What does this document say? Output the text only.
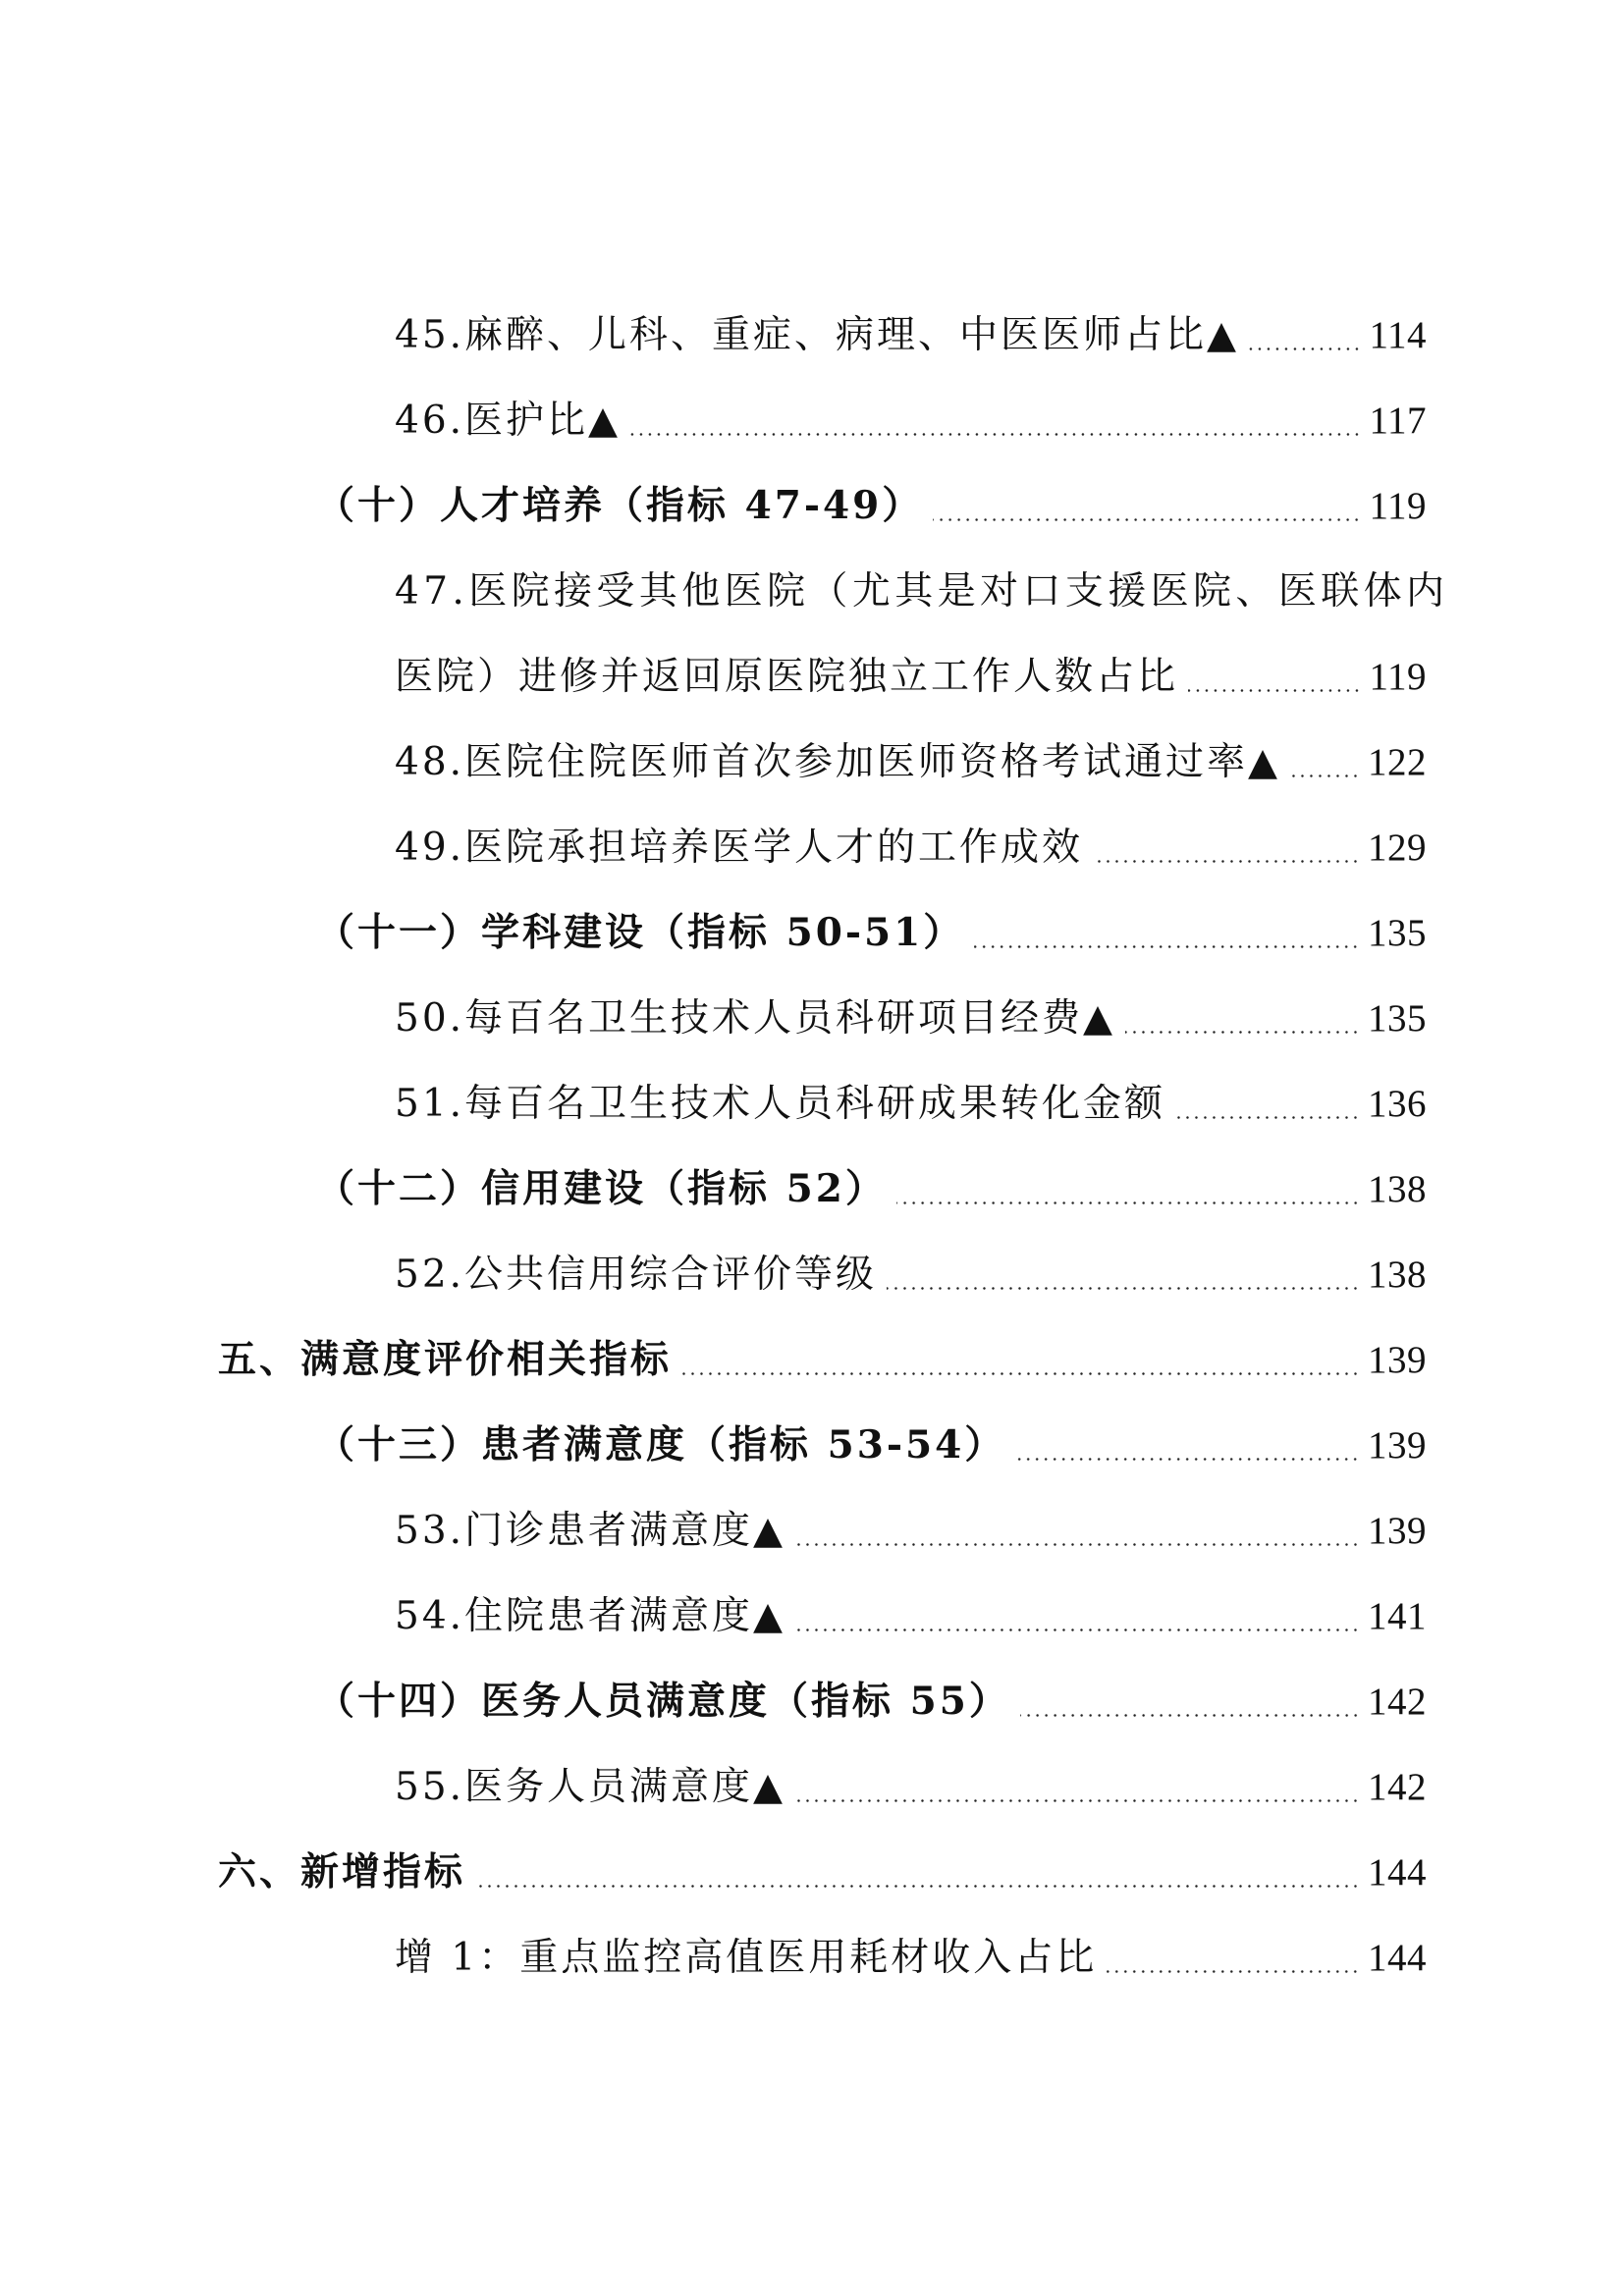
45.麻醉、儿科、重症、病理、中医医师占比▲	114
46.医护比▲	117
（十）人才培养（指标 47-49）	119
47.医院接受其他医院（尤其是对口支援医院、医联体内
医院）进修并返回原医院独立工作人数占比	119
48.医院住院医师首次参加医师资格考试通过率▲ 122
49.医院承担培养医学人才的工作成效	129
（十一）学科建设（指标 50-51）	135
50.每百名卫生技术人员科研项目经费▲	135
51.每百名卫生技术人员科研成果转化金额	136
（十二）信用建设（指标 52）	138
52.公共信用综合评价等级	138
五、满意度评价相关指标	139
（十三）患者满意度（指标 53-54）	139
53.门诊患者满意度▲	139
54.住院患者满意度▲	141
（十四）医务人员满意度（指标 55）	142
55.医务人员满意度▲	142
六、新增指标	144
增 1：重点监控高值医用耗材收入占比	144
